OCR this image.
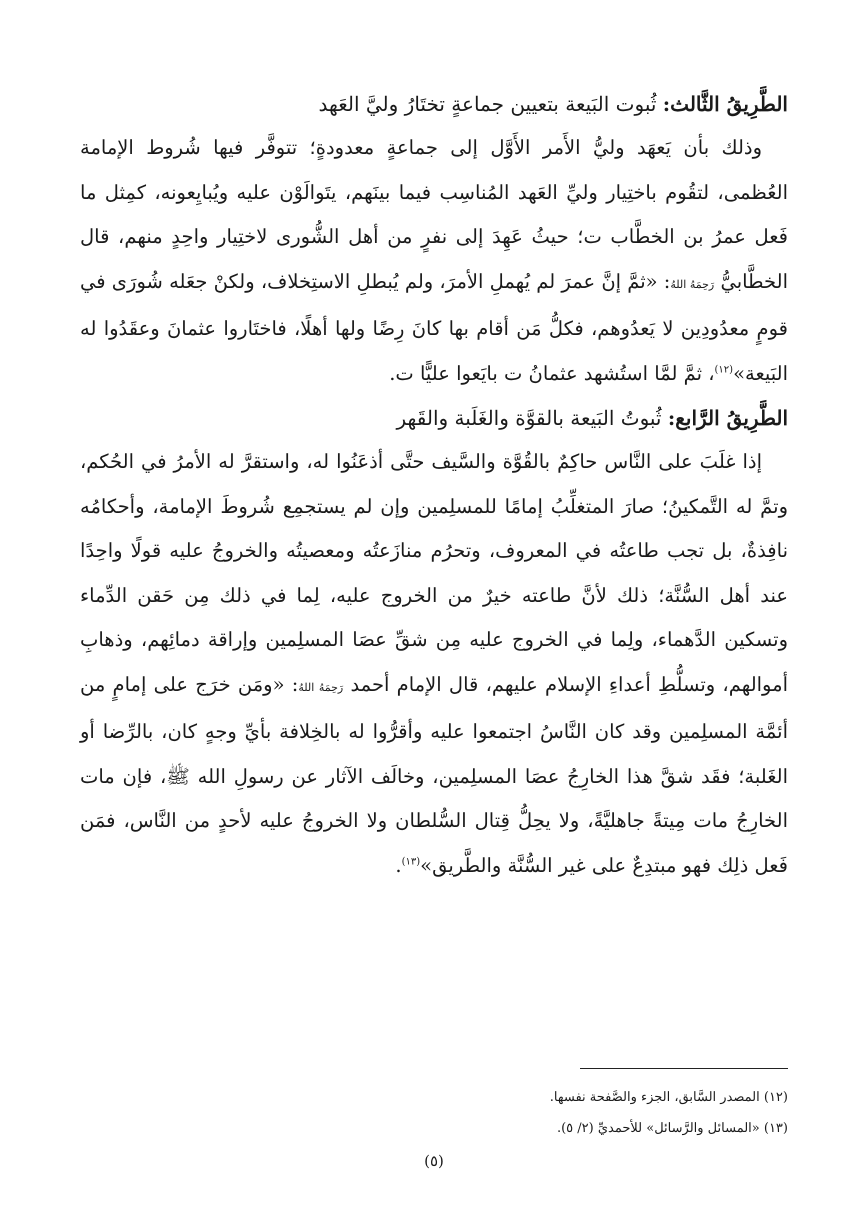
الطَّرِيقُ الثَّالث: ثُبوت البَيعة بتعيين جماعةٍ تختَارُ وليَّ العَهد

وذلك بأن يَعهَد وليُّ الأَمر الأَوَّل إلى جماعةٍ معدودةٍ؛ تتوفَّر فيها شُروط الإمامة العُظمى، لتقُوم باختِيار وليِّ العَهد المُناسِب فيما بينَهم، يتَوالَوْن عليه ويُبايِعونه، كمِثل ما فَعل عمرُ بن الخطَّاب ت؛ حيثُ عَهِدَ إلى نفرٍ من أهل الشُّورى لاختِيار واحِدٍ منهم، قال الخطَّابيُّ رَحِمَهُ اللهُ: «ثمَّ إنَّ عمرَ لم يُهملِ الأمرَ، ولم يُبطلِ الاستِخلاف، ولكنْ جعَله شُورَى في قومٍ معدُودِين لا يَعدُوهم، فكلُّ مَن أقام بها كانَ رِضًا ولها أهلًا، فاختَاروا عثمانَ وعقَدُوا له البَيعة»$^{(١٢)}$، ثمَّ لمَّا استُشهد عثمانُ ت بايَعوا عليًّا ت.

الطَّرِيقُ الرَّابع: ثُبوتُ البَيعة بالقوَّة والغَلَبة والقَهر

إذا غلَبَ على النَّاس حاكِمٌ بالقُوَّة والسَّيف حتَّى أذعَنُوا له، واستقرَّ له الأمرُ في الحُكم، وتمَّ له التَّمكينُ؛ صارَ المتغلِّبُ إمامًا للمسلِمين وإن لم يستجمِع شُروطَ الإمامة، وأحكامُه نافِذةٌ، بل تجب طاعتُه في المعروف، وتحرُم منازَعتُه ومعصيتُه والخروجُ عليه قولًا واحِدًا عند أهل السُّنَّة؛ ذلك لأنَّ طاعته خيرٌ من الخروج عليه، لِما في ذلك مِن حَقن الدِّماء وتسكين الدَّهماء، ولِما في الخروج عليه مِن شقِّ عصَا المسلِمين وإراقة دمائِهم، وذهابِ أموالهم، وتسلُّطِ أعداءِ الإسلام عليهم، قال الإمام أحمد رَحِمَهُ اللهُ: «ومَن خرَج على إمامٍ من أئمَّة المسلِمين وقد كان النَّاسُ اجتمعوا عليه وأقرُّوا له بالخِلافة بأيِّ وجهٍ كان، بالرِّضا أو الغَلبة؛ فقَد شقَّ هذا الخارِجُ عصَا المسلِمين، وخالَف الآثار عن رسولِ الله ﷺ، فإن مات الخارِجُ مات مِيتةً جاهليَّةً، ولا يحِلُّ قِتال السُّلطان ولا الخروجُ عليه لأحدٍ من النَّاس، فمَن فَعل ذلِك فهو مبتدِعٌ على غير السُّنَّة والطَّريق»$^{(١٣)}$.

(١٢) المصدر السَّابق، الجزء والصَّفحة نفسها.

(١٣) «المسائل والرَّسائل» للأحمديِّ (٢/ ٥).

(٥)
